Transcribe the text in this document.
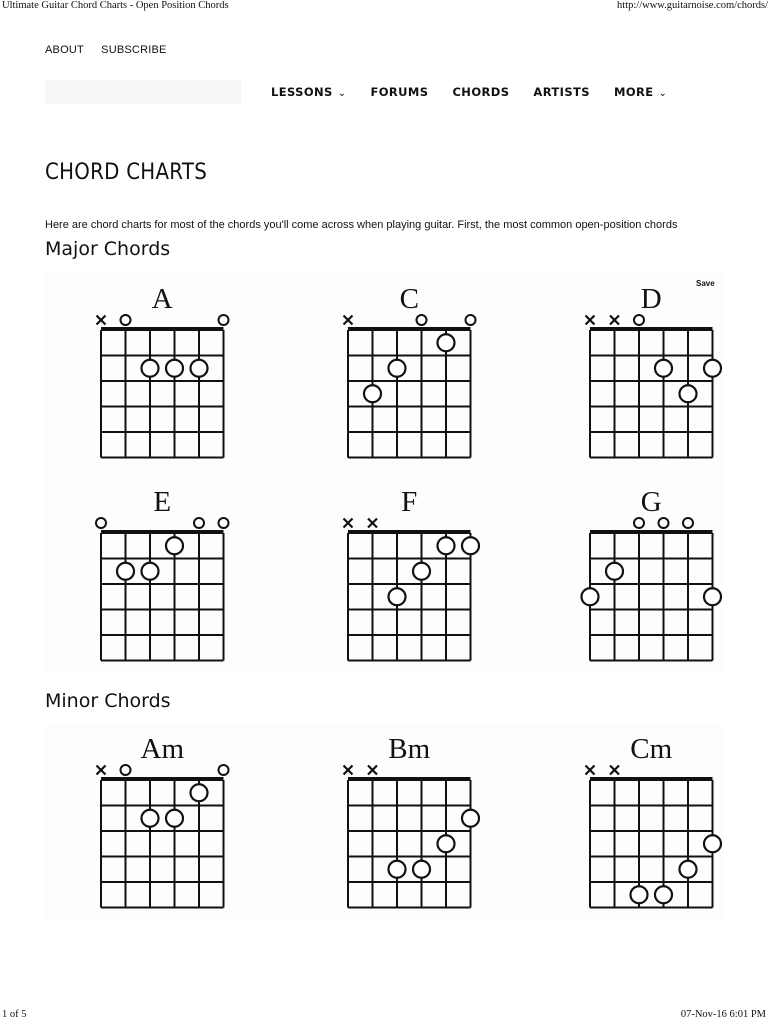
Ultimate Guitar Chord Charts - Open Position Chords	http://www.guitarnoise.com/chords/
ABOUT SUBSCRIBE
LESSONS ⌄ FORUMS CHORDS ARTISTS MORE ⌄
CHORD CHARTS

Here are chord charts for most of the chords you'll come across when playing guitar. First, the most common open-position chords

Major Chords
A	C	D
E	F	G
Save
Minor Chords
Am	Bm	Cm
1 of 5	07-Nov-16 6:01 PM
